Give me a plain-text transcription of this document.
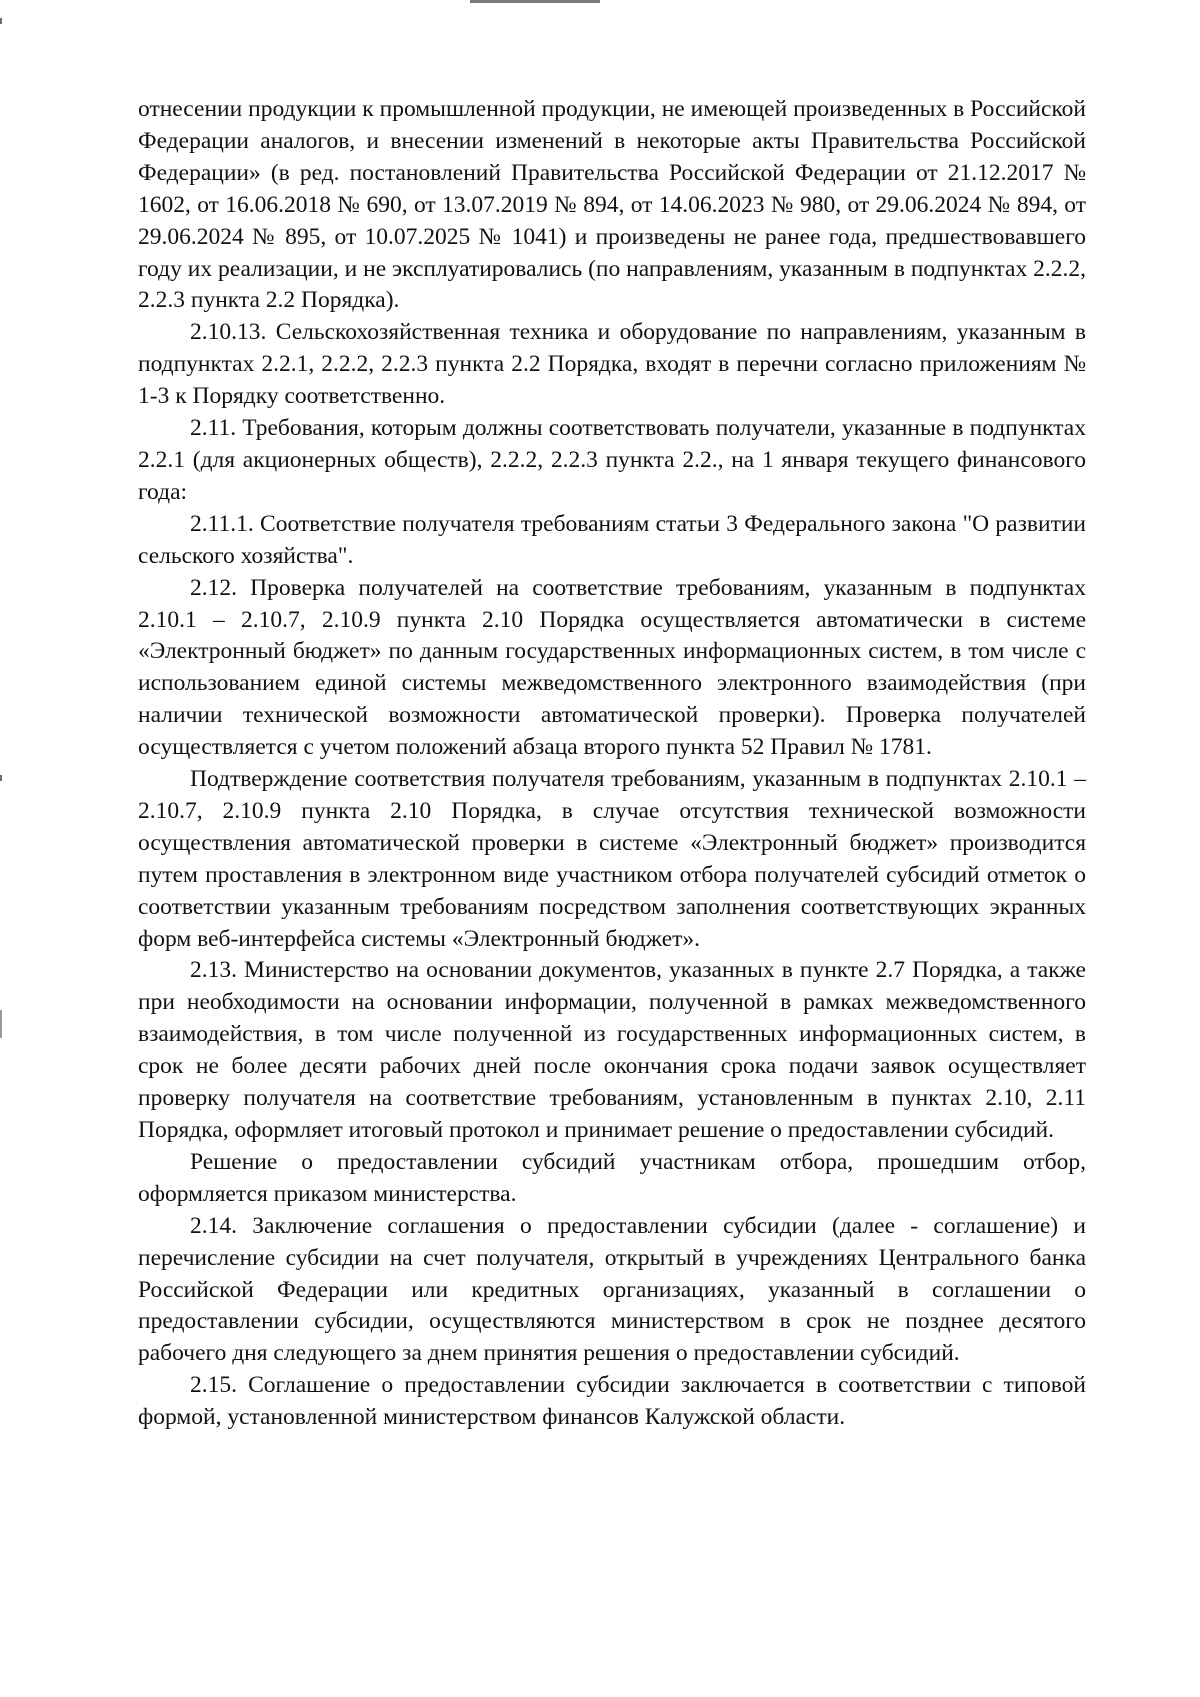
отнесении продукции к промышленной продукции, не имеющей произведенных в Российской Федерации аналогов, и внесении изменений в некоторые акты Правительства Российской Федерации» (в ред. постановлений Правительства Российской Федерации от 21.12.2017 № 1602, от 16.06.2018 № 690, от 13.07.2019 № 894, от 14.06.2023 № 980, от 29.06.2024 № 894, от 29.06.2024 № 895, от 10.07.2025 № 1041) и произведены не ранее года, предшествовавшего году их реализации, и не эксплуатировались (по направлениям, указанным в подпунктах 2.2.2, 2.2.3 пункта 2.2 Порядка).

2.10.13. Сельскохозяйственная техника и оборудование по направлениям, указанным в подпунктах 2.2.1, 2.2.2, 2.2.3 пункта 2.2 Порядка, входят в перечни согласно приложениям № 1-3 к Порядку соответственно.

2.11. Требования, которым должны соответствовать получатели, указанные в подпунктах 2.2.1 (для акционерных обществ), 2.2.2, 2.2.3 пункта 2.2., на 1 января текущего финансового года:

2.11.1. Соответствие получателя требованиям статьи 3 Федерального закона "О развитии сельского хозяйства".

2.12. Проверка получателей на соответствие требованиям, указанным в подпунктах 2.10.1 – 2.10.7, 2.10.9 пункта 2.10 Порядка осуществляется автоматически в системе «Электронный бюджет» по данным государственных информационных систем, в том числе с использованием единой системы межведомственного электронного взаимодействия (при наличии технической возможности автоматической проверки). Проверка получателей осуществляется с учетом положений абзаца второго пункта 52 Правил № 1781.

Подтверждение соответствия получателя требованиям, указанным в подпунктах 2.10.1 – 2.10.7, 2.10.9 пункта 2.10 Порядка, в случае отсутствия технической возможности осуществления автоматической проверки в системе «Электронный бюджет» производится путем проставления в электронном виде участником отбора получателей субсидий отметок о соответствии указанным требованиям посредством заполнения соответствующих экранных форм веб-интерфейса системы «Электронный бюджет».

2.13. Министерство на основании документов, указанных в пункте 2.7 Порядка, а также при необходимости на основании информации, полученной в рамках межведомственного взаимодействия, в том числе полученной из государственных информационных систем, в срок не более десяти рабочих дней после окончания срока подачи заявок осуществляет проверку получателя на соответствие требованиям, установленным в пунктах 2.10, 2.11 Порядка, оформляет итоговый протокол и принимает решение о предоставлении субсидий.

Решение о предоставлении субсидий участникам отбора, прошедшим отбор, оформляется приказом министерства.

2.14. Заключение соглашения о предоставлении субсидии (далее - соглашение) и перечисление субсидии на счет получателя, открытый в учреждениях Центрального банка Российской Федерации или кредитных организациях, указанный в соглашении о предоставлении субсидии, осуществляются министерством в срок не позднее десятого рабочего дня следующего за днем принятия решения о предоставлении субсидий.

2.15. Соглашение о предоставлении субсидии заключается в соответствии с типовой формой, установленной министерством финансов Калужской области.
